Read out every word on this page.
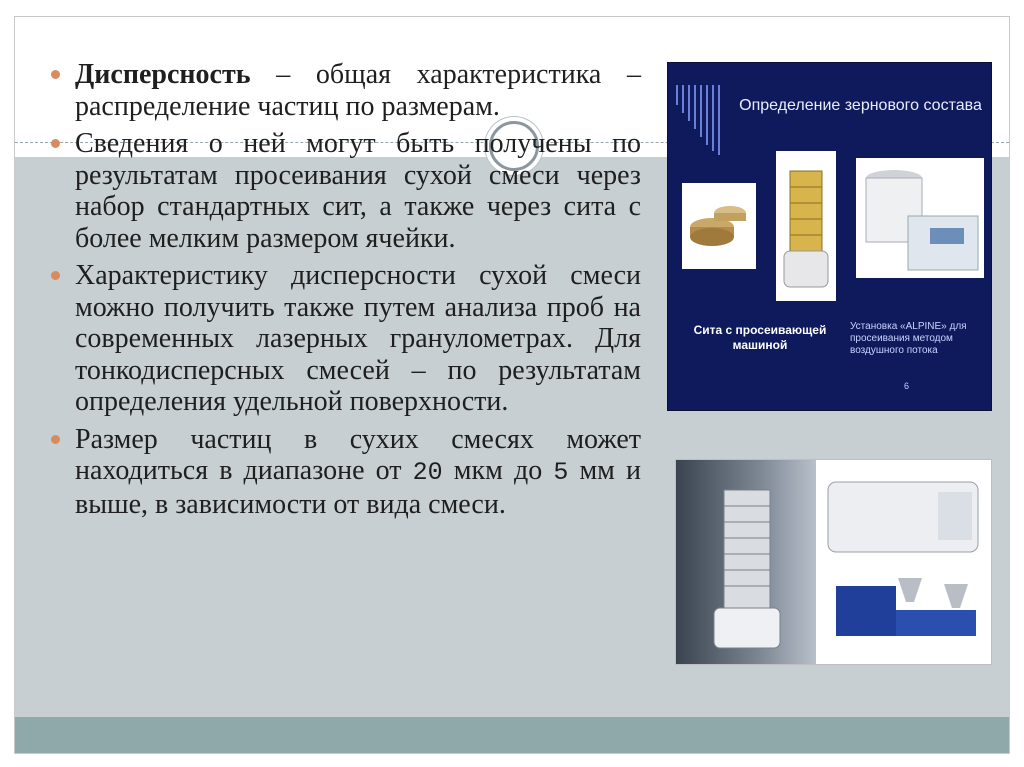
Дисперсность – общая характеристика – распределение частиц по размерам.
Сведения о ней могут быть получены по результатам просеивания сухой смеси через набор стандартных сит, а также через сита с более мелким размером ячейки.
Характеристику дисперсности сухой смеси можно получить также путем анализа проб на современных лазерных гранулометрах. Для тонкодисперсных смесей – по результатам определения удельной поверхности.
Размер частиц в сухих смесях может находиться в диапазоне от 20 мкм до 5 мм и выше, в зависимости от вида смеси.
Определение зернового состава
Сита с просеивающей машиной
Установка «ALPINE» для просеивания методом воздушного потока
6
